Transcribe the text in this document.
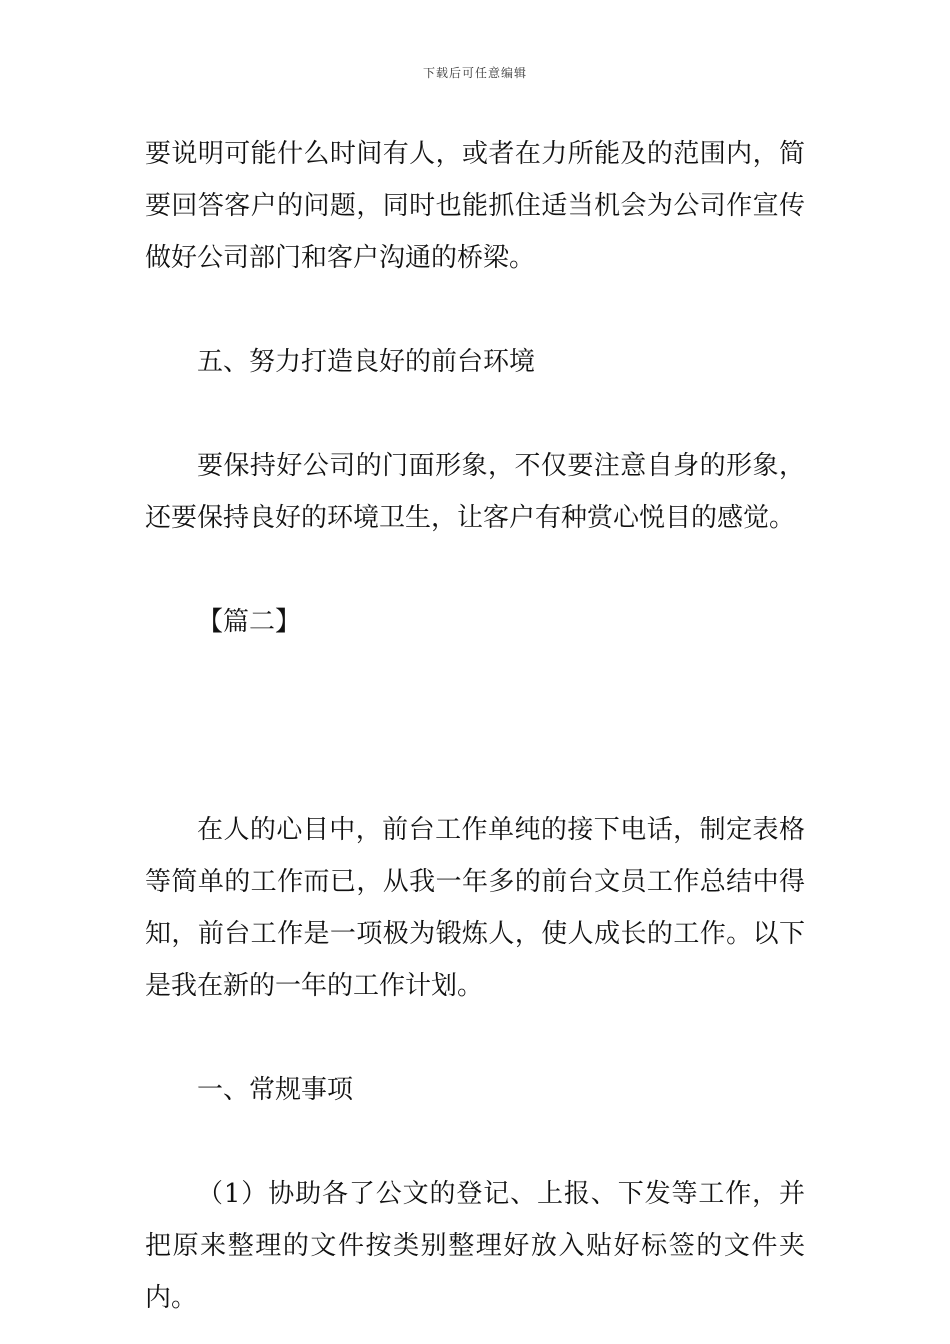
下载后可任意编辑

要说明可能什么时间有人，或者在力所能及的范围内，简要回答客户的问题，同时也能抓住适当机会为公司作宣传做好公司部门和客户沟通的桥梁。

五、努力打造良好的前台环境

要保持好公司的门面形象，不仅要注意自身的形象，还要保持良好的环境卫生，让客户有种赏心悦目的感觉。

【篇二】

在人的心目中，前台工作单纯的接下电话，制定表格等简单的工作而已，从我一年多的前台文员工作总结中得知，前台工作是一项极为锻炼人，使人成长的工作。以下是我在新的一年的工作计划。

一、常规事项

（1）协助各了公文的登记、上报、下发等工作，并把原来整理的文件按类别整理好放入贴好标签的文件夹内。
